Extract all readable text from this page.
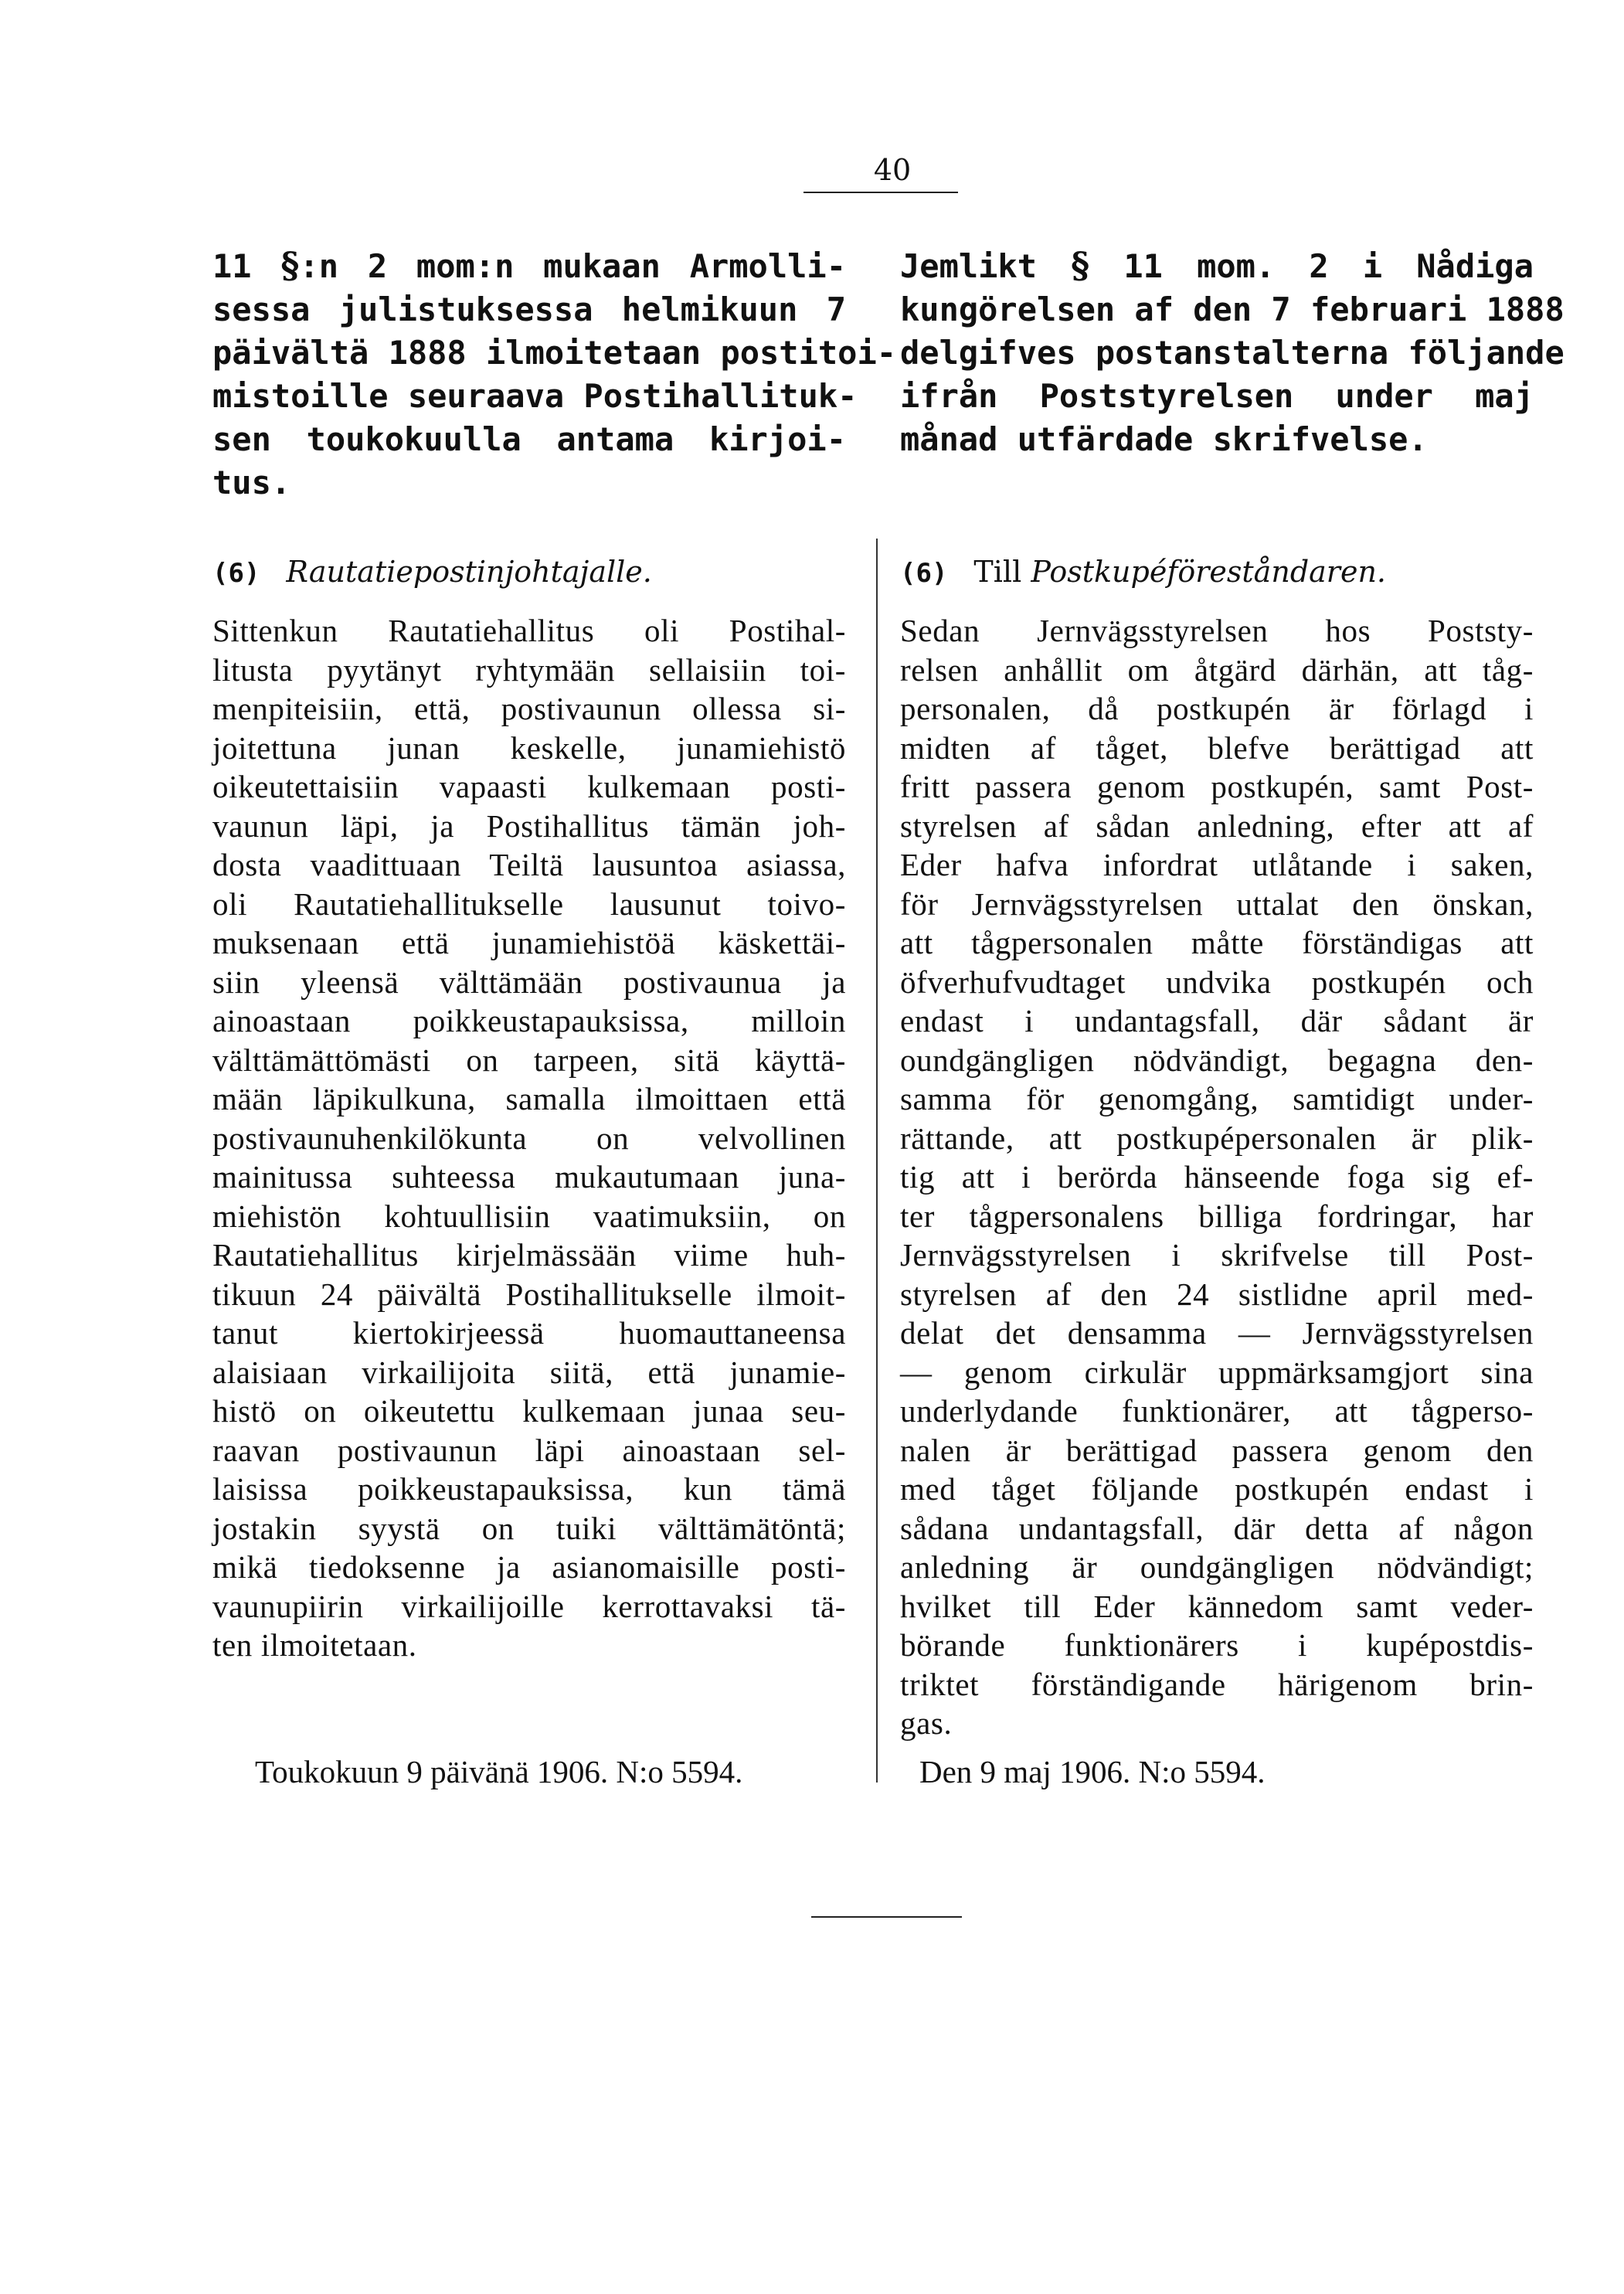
40
11 §:n 2 mom:n mukaan Armolli-
sessa julistuksessa helmikuun 7
päivältä 1888 ilmoitetaan postitoi-
mistoille seuraava Postihallituk-
sen toukokuulla antama kirjoi-
tus.
(6) Rautatiepostinjohtajalle.
Sittenkun Rautatiehallitus oli Postihal-
litusta pyytänyt ryhtymään sellaisiin toi-
menpiteisiin, että, postivaunun ollessa si-
joitettuna junan keskelle, junamiehistö
oikeutettaisiin vapaasti kulkemaan posti-
vaunun läpi, ja Postihallitus tämän joh-
dosta vaadittuaan Teiltä lausuntoa asiassa,
oli Rautatiehallitukselle lausunut toivo-
muksenaan että junamiehistöä käskettäi-
siin yleensä välttämään postivaunua ja
ainoastaan poikkeustapauksissa, milloin
välttämättömästi on tarpeen, sitä käyttä-
mään läpikulkuna, samalla ilmoittaen että
postivaunuhenkilökunta on velvollinen
mainitussa suhteessa mukautumaan juna-
miehistön kohtuullisiin vaatimuksiin, on
Rautatiehallitus kirjelmässään viime huh-
tikuun 24 päivältä Postihallitukselle ilmoit-
tanut kiertokirjeessä huomauttaneensa
alaisiaan virkailijoita siitä, että junamie-
histö on oikeutettu kulkemaan junaa seu-
raavan postivaunun läpi ainoastaan sel-
laisissa poikkeustapauksissa, kun tämä
jostakin syystä on tuiki välttämätöntä;
mikä tiedoksenne ja asianomaisille posti-
vaunupiirin virkailijoille kerrottavaksi tä-
ten ilmoitetaan.
Jemlikt § 11 mom. 2 i Nådiga
kungörelsen af den 7 februari 1888
delgifves postanstalterna följande
ifrån Poststyrelsen under maj
månad utfärdade skrifvelse.
(6) Till Postkupéföreståndaren.
Sedan Jernvägsstyrelsen hos Poststy-
relsen anhållit om åtgärd därhän, att tåg-
personalen, då postkupén är förlagd i
midten af tåget, blefve berättigad att
fritt passera genom postkupén, samt Post-
styrelsen af sådan anledning, efter att af
Eder hafva infordrat utlåtande i saken,
för Jernvägsstyrelsen uttalat den önskan,
att tågpersonalen måtte förständigas att
öfverhufvudtaget undvika postkupén och
endast i undantagsfall, där sådant är
oundgängligen nödvändigt, begagna den-
samma för genomgång, samtidigt under-
rättande, att postkupépersonalen är plik-
tig att i berörda hänseende foga sig ef-
ter tågpersonalens billiga fordringar, har
Jernvägsstyrelsen i skrifvelse till Post-
styrelsen af den 24 sistlidne april med-
delat det densamma — Jernvägsstyrelsen
— genom cirkulär uppmärksamgjort sina
underlydande funktionärer, att tågperso-
nalen är berättigad passera genom den
med tåget följande postkupén endast i
sådana undantagsfall, där detta af någon
anledning är oundgängligen nödvändigt;
hvilket till Eder kännedom samt veder-
börande funktionärers i kupépostdis-
triktet förständigande härigenom brin-
gas.
Toukokuun 9 päivänä 1906. N:o 5594.	Den 9 maj 1906. N:o 5594.
